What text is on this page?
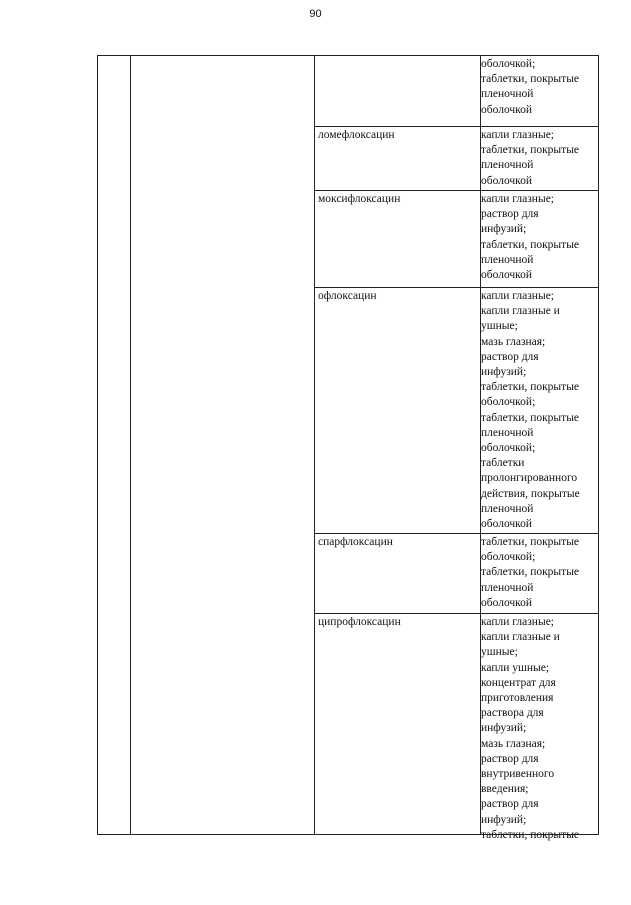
90
оболочкой;
таблетки, покрытые
пленочной
оболочкой
ломефлоксацин	капли глазные;
таблетки, покрытые
пленочной
оболочкой
моксифлоксацин	капли глазные;
раствор для
инфузий;
таблетки, покрытые
пленочной
оболочкой
офлоксацин	капли глазные;
капли глазные и
ушные;
мазь глазная;
раствор для
инфузий;
таблетки, покрытые
оболочкой;
таблетки, покрытые
пленочной
оболочкой;
таблетки
пролонгированного
действия, покрытые
пленочной
оболочкой
спарфлоксацин	таблетки, покрытые
оболочкой;
таблетки, покрытые
пленочной
оболочкой
ципрофлоксацин	капли глазные;
капли глазные и
ушные;
капли ушные;
концентрат для
приготовления
раствора для
инфузий;
мазь глазная;
раствор для
внутривенного
введения;
раствор для
инфузий;
таблетки, покрытые
